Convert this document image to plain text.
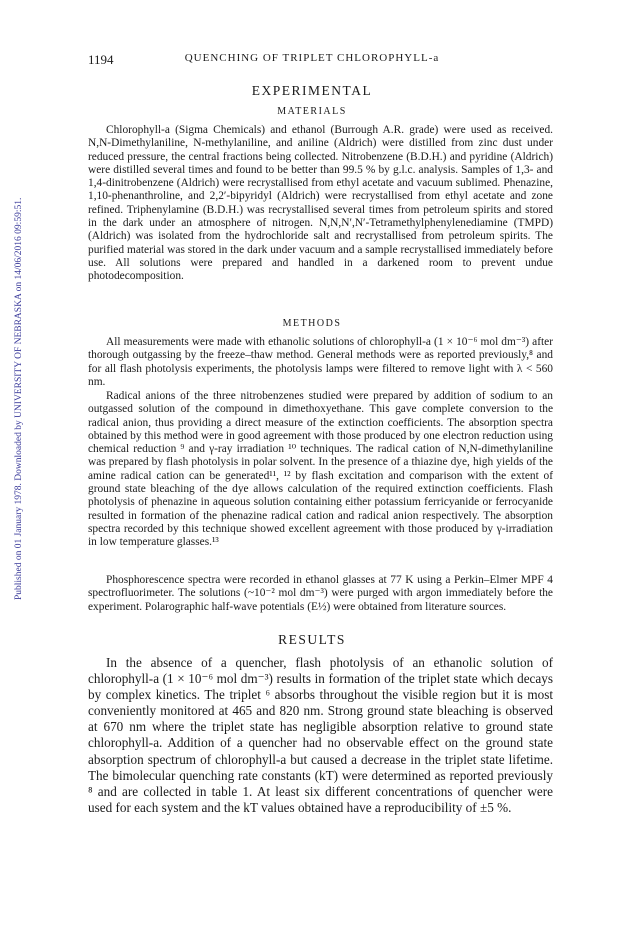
1194	QUENCHING OF TRIPLET CHLOROPHYLL-a
Published on 01 January 1978. Downloaded by UNIVERSITY OF NEBRASKA on 14/06/2016 09:59:51.
EXPERIMENTAL
MATERIALS

Chlorophyll-a (Sigma Chemicals) and ethanol (Burrough A.R. grade) were used as received. N,N-Dimethylaniline, N-methylaniline, and aniline (Aldrich) were distilled from zinc dust under reduced pressure, the central fractions being collected. Nitrobenzene (B.D.H.) and pyridine (Aldrich) were distilled several times and found to be better than 99.5 % by g.l.c. analysis. Samples of 1,3- and 1,4-dinitrobenzene (Aldrich) were recrystallised from ethyl acetate and vacuum sublimed. Phenazine, 1,10-phenanthroline, and 2,2′-bipyridyl (Aldrich) were recrystallised from ethyl acetate and zone refined. Triphenylamine (B.D.H.) was recrystallised several times from petroleum spirits and stored in the dark under an atmosphere of nitrogen. N,N,N′,N′-Tetramethylphenylenediamine (TMPD) (Aldrich) was isolated from the hydrochloride salt and recrystallised from petroleum spirits. The purified material was stored in the dark under vacuum and a sample recrystallised immediately before use. All solutions were prepared and handled in a darkened room to prevent undue photodecomposition.

METHODS

All measurements were made with ethanolic solutions of chlorophyll-a (1 × 10⁻⁶ mol dm⁻³) after thorough outgassing by the freeze–thaw method. General methods were as reported previously,⁸ and for all flash photolysis experiments, the photolysis lamps were filtered to remove light with λ < 560 nm.

Radical anions of the three nitrobenzenes studied were prepared by addition of sodium to an outgassed solution of the compound in dimethoxyethane. This gave complete conversion to the radical anion, thus providing a direct measure of the extinction coefficients. The absorption spectra obtained by this method were in good agreement with those produced by one electron reduction using chemical reduction ⁹ and γ-ray irradiation ¹⁰ techniques. The radical cation of N,N-dimethylaniline was prepared by flash photolysis in polar solvent. In the presence of a thiazine dye, high yields of the amine radical cation can be generated¹¹, ¹² by flash excitation and comparison with the extent of ground state bleaching of the dye allows calculation of the required extinction coefficients. Flash photolysis of phenazine in aqueous solution containing either potassium ferricyanide or ferrocyanide resulted in formation of the phenazine radical cation and radical anion respectively. The absorption spectra recorded by this technique showed excellent agreement with those produced by γ-irradiation in low temperature glasses.¹³

Phosphorescence spectra were recorded in ethanol glasses at 77 K using a Perkin–Elmer MPF 4 spectrofluorimeter. The solutions (~10⁻² mol dm⁻³) were purged with argon immediately before the experiment. Polarographic half-wave potentials (E½) were obtained from literature sources.

RESULTS

In the absence of a quencher, flash photolysis of an ethanolic solution of chlorophyll-a (1 × 10⁻⁶ mol dm⁻³) results in formation of the triplet state which decays by complex kinetics. The triplet ⁶ absorbs throughout the visible region but it is most conveniently monitored at 465 and 820 nm. Strong ground state bleaching is observed at 670 nm where the triplet state has negligible absorption relative to ground state chlorophyll-a. Addition of a quencher had no observable effect on the ground state absorption spectrum of chlorophyll-a but caused a decrease in the triplet state lifetime. The bimolecular quenching rate constants (kT) were determined as reported previously ⁸ and are collected in table 1. At least six different concentrations of quencher were used for each system and the kT values obtained have a reproducibility of ±5 %.
